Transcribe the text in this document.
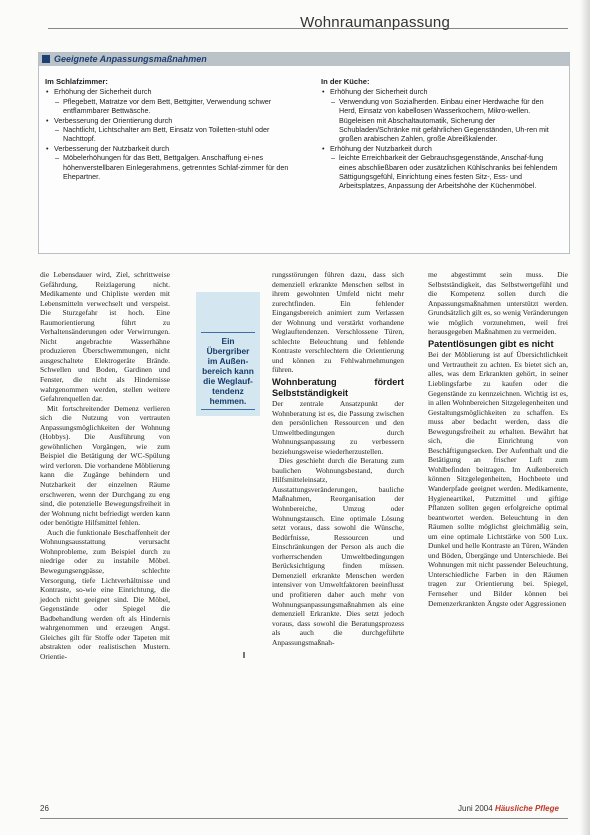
Wohnraumanpassung
Geeignete Anpassungsmaßnahmen
Im Schlafzimmer:
• Erhöhung der Sicherheit durch
– Pflegebett, Matratze vor dem Bett, Bettgitter, Verwendung schwer entflammbarer Bettwäsche.
• Verbesserung der Orientierung durch
– Nachtlicht, Lichtschalter am Bett, Einsatz von Toiletten-stuhl oder Nachttopf.
• Verbesserung der Nutzbarkeit durch
– Möbelerhöhungen für das Bett, Bettgalgen. Anschaffung ei-nes höhenverstellbaren Einlegerahmens, getrenntes Schlaf-zimmer für den Ehepartner.
In der Küche:
• Erhöhung der Sicherheit durch
– Verwendung von Sozialherden. Einbau einer Herdwache für den Herd, Einsatz von kabellosen Wasserkochern, Mikro-wellen. Bügeleisen mit Abschaltautomatik, Sicherung der Schubladen/Schränke mit gefährlichen Gegenständen, Uh-ren mit großen arabischen Zahlen, große Abreißkalender.
• Erhöhung der Nutzbarkeit durch
– leichte Erreichbarkeit der Gebrauchsgegenstände, Anschaf-fung eines abschließbaren oder zusätzlichen Kühlschranks bei fehlendem Sättigungsgefühl, Einrichtung eines festen Sitz-, Ess- und Arbeitsplatzes, Anpassung der Arbeitshöhe der Küchenmöbel.

die Lebensdauer wird, Ziel, schrittweise Gefährdung, Reizlagerung nicht. Medikamente und Chipliste werden mit Lebensmitteln verwechselt und verspeist. Die Sturzgefahr ist hoch. Eine Raumorientierung führt zu Verhaltensänderungen oder Verwirrungen. Nicht angebrachte Wasserhähne produzieren Überschwemmungen, nicht ausgeschaltete Elektrogeräte Brände. Schwellen und Boden, Gardinen und Fenster, die nicht als Hindernisse wahrgenommen werden, stellen weitere Gefahrenquellen dar.

Mit fortschreitender Demenz verlieren sich die Nutzung von vertrauten Anpassungsmöglichkeiten der Wohnung (Hobbys). Die Ausführung von gewöhnlichen Vorgängen, wie zum Beispiel die Betätigung der WC-Spülung wird verloren. Die vorhandene Möblierung kann die Zugänge behindern und Nutzbarkeit der einzelnen Räume erschweren, wenn der Durchgang zu eng sind, die potenzielle Bewegungsfreiheit in der Wohnung nicht befriedigt werden kann oder benötigte Hilfsmittel fehlen.

Auch die funktionale Beschaffenheit der Wohnungsausstattung verursacht Wohnprobleme, zum Beispiel durch zu niedrige oder zu instabile Möbel. Bewegungsengpässe, schlechte Versorgung, tiefe Lichtverhältnisse und Kontraste, so-wie eine Einrichtung, die jedoch nicht geeignet sind. Die Möbel, Gegenstände oder Spiegel die Badbehandlung werden oft als Hindernis wahrgenommen und erzeugen Angst. Gleiches gilt für Stoffe oder Tapeten mit abstrakten oder realistischen Mustern. Orientie-

Ein Übergriber im Außen-bereich kann die Weglauf-tendenz hemmen.

rungsstörungen führen dazu, dass sich demenziell erkrankte Menschen selbst in ihrem gewohnten Umfeld nicht mehr zurechtfinden. Ein fehlender Eingangsbereich animiert zum Verlassen der Wohnung und verstärkt vorhandene Weglauftendenzen. Verschlossene Türen, schlechte Beleuchtung und fehlende Kontraste verschlechtern die Orientierung und können zu Fehlwahrnehmungen führen.

Wohnberatung fördert Selbstständigkeit

Der zentrale Ansatzpunkt der Wohnberatung ist es, die Passung zwischen den persönlichen Ressourcen und den Umweltbedingungen durch Wohnungsanpassung zu verbessern beziehungsweise wiederherzustellen.

Dies geschieht durch die Beratung zum baulichen Wohnungsbestand, durch Hilfsmitteleinsatz, Ausstattungsveränderungen, bauliche Maßnahmen, Reorganisation der Wohnbereiche, Umzug oder Wohnungstausch. Eine optimale Lösung setzt voraus, dass sowohl die Wünsche, Bedürfnisse, Ressourcen und Einschränkungen der Person als auch die vorherrschenden Umweltbedingungen Berücksichtigung finden müssen. Demenziell erkrankte Menschen werden intensiver von Umweltfaktoren beeinflusst und profitieren daher auch mehr von Wohnungsanpassungsmaßnahmen als eine demenziell Erkrankte. Dies setzt jedoch voraus, dass sowohl die Beratungsprozess als auch die durchgeführte Anpassungsmaßnah-

me abgestimmt sein muss. Die Selbstständigkeit, das Selbstwertgefühl und die Kompetenz sollen durch die Anpassungsmaßnahmen unterstützt werden. Grundsätzlich gilt es, so wenig Veränderungen wie möglich vorzunehmen, weil frei herausgegeben Maßnahmen zu vermeiden.

Patentlösungen gibt es nicht

Bei der Möblierung ist auf Übersichtlichkeit und Vertrautheit zu achten. Es bietet sich an, alles, was dem Erkrankten gehört, in seiner Lieblingsfarbe zu kaufen oder die Gegenstände zu kennzeichnen. Wichtig ist es, in allen Wohnbereichen Sitzgelegenheiten und Gestaltungsmöglichkeiten zu schaffen. Es muss aber bedacht werden, dass die Bewegungsfreiheit zu erhalten. Bewährt hat sich, die Einrichtung von Beschäftigungsecken. Der Aufenthalt und die Betätigung an frischer Luft zum Wohlbefinden beitragen. Im Außenbereich können Sitzgelegenheiten, Hochbeete und Wanderpfade geeignet werden. Medikamente, Hygieneartikel, Putzmittel und giftige Pflanzen sollten gegen erfolgreiche optimal beantwortet werden. Beleuchtung in den Räumen sollte möglichst gleichmäßig sein, um eine optimale Lichtstärke von 500 Lux. Dunkel und helle Kontraste an Türen, Wänden und Böden, Übergänge und Unterschiede. Bei Wohnungen mit nicht passender Beleuchtung, Unterschiedliche Farben in den Räumen tragen zur Orientierung bei. Spiegel, Fernseher und Bilder können bei Demenzerkrankten Ängste oder Aggressionen

26	Juni 2004 Häusliche Pflege
